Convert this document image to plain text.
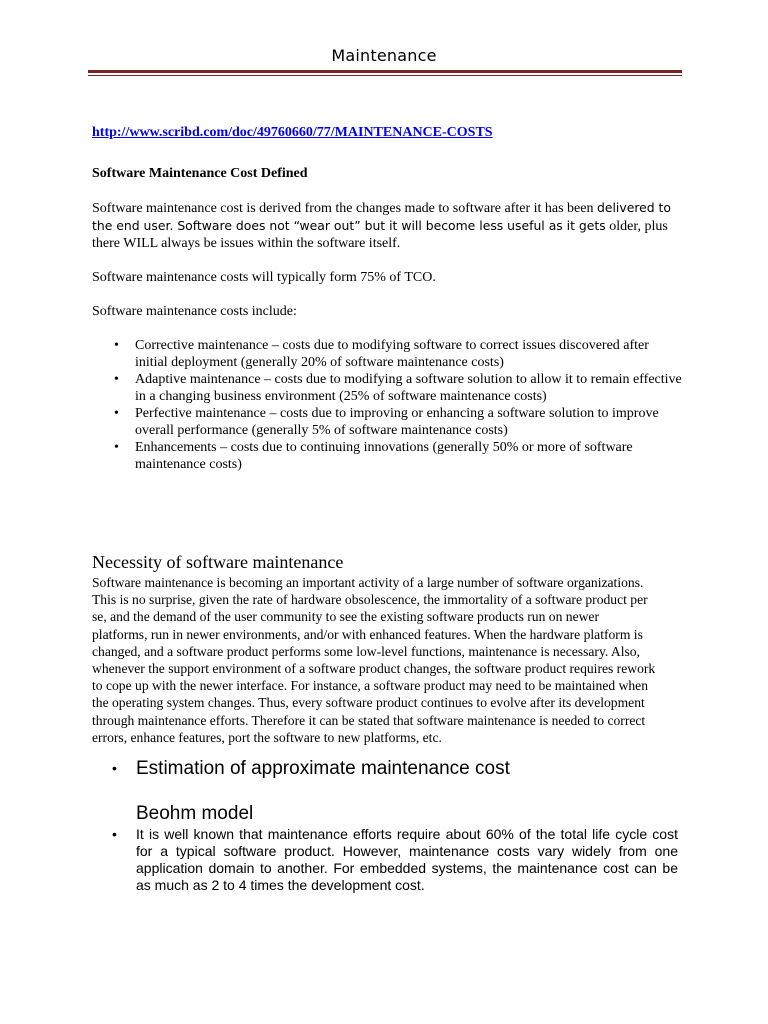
Maintenance
http://www.scribd.com/doc/49760660/77/MAINTENANCE-COSTS
Software Maintenance Cost Defined

Software maintenance cost is derived from the changes made to software after it has been delivered to the end user. Software does not “wear out” but it will become less useful as it gets older, plus there WILL always be issues within the software itself.

Software maintenance costs will typically form 75% of TCO.

Software maintenance costs include:

• Corrective maintenance – costs due to modifying software to correct issues discovered after initial deployment (generally 20% of software maintenance costs)
• Adaptive maintenance – costs due to modifying a software solution to allow it to remain effective in a changing business environment (25% of software maintenance costs)
• Perfective maintenance – costs due to improving or enhancing a software solution to improve overall performance (generally 5% of software maintenance costs)
• Enhancements – costs due to continuing innovations (generally 50% or more of software maintenance costs)
Necessity of software maintenance
Software maintenance is becoming an important activity of a large number of software organizations. This is no surprise, given the rate of hardware obsolescence, the immortality of a software product per se, and the demand of the user community to see the existing software products run on newer platforms, run in newer environments, and/or with enhanced features. When the hardware platform is changed, and a software product performs some low-level functions, maintenance is necessary. Also, whenever the support environment of a software product changes, the software product requires rework to cope up with the newer interface. For instance, a software product may need to be maintained when the operating system changes. Thus, every software product continues to evolve after its development through maintenance efforts. Therefore it can be stated that software maintenance is needed to correct errors, enhance features, port the software to new platforms, etc.
• Estimation of approximate maintenance cost
Beohm model
•	It is well known that maintenance efforts require about 60% of the total life cycle cost for a typical software product. However, maintenance costs vary widely from one application domain to another. For embedded systems, the maintenance cost can be as much as 2 to 4 times the development cost.
